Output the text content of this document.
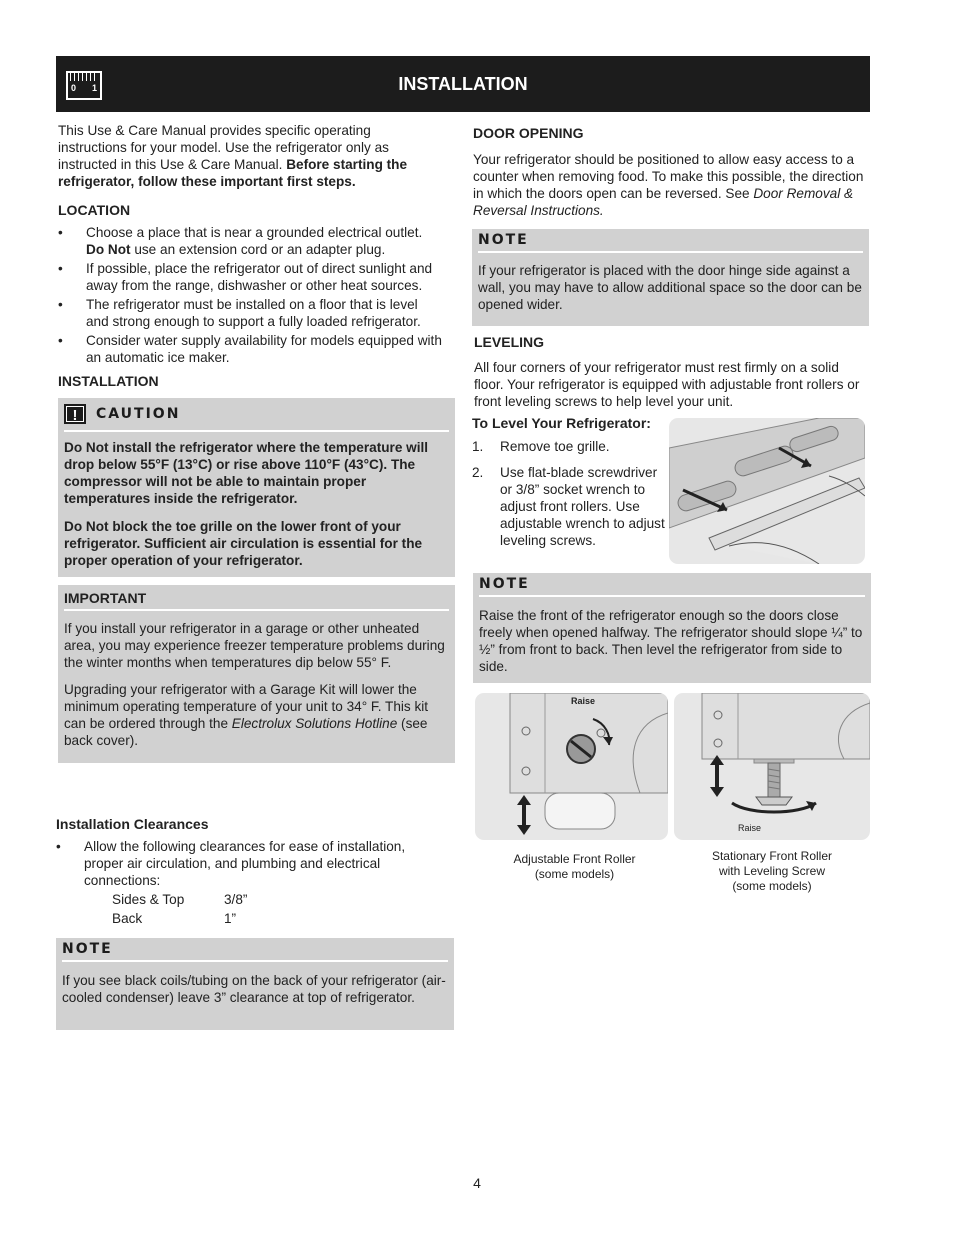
0 1	INSTALLATION

This Use & Care Manual provides specific operating instructions for your model. Use the refrigerator only as instructed in this Use & Care Manual. Before starting the refrigerator, follow these important first steps.

LOCATION
• Choose a place that is near a grounded electrical outlet. Do Not use an extension cord or an adapter plug.
• If possible, place the refrigerator out of direct sunlight and away from the range, dishwasher or other heat sources.
• The refrigerator must be installed on a floor that is level and strong enough to support a fully loaded refrigerator.
• Consider water supply availability for models equipped with an automatic ice maker.
INSTALLATION
!	CAUTION

Do Not install the refrigerator where the temperature will drop below 55°F (13°C) or rise above 110°F (43°C). The compressor will not be able to maintain proper temperatures inside the refrigerator.

Do Not block the toe grille on the lower front of your refrigerator. Sufficient air circulation is essential for the proper operation of your refrigerator.

IMPORTANT

If you install your refrigerator in a garage or other unheated area, you may experience freezer temperature problems during the winter months when temperatures dip below 55° F.

Upgrading your refrigerator with a Garage Kit will lower the minimum operating temperature of your unit to 34° F. This kit can be ordered through the Electrolux Solutions Hotline (see back cover).

Installation Clearances
• Allow the following clearances for ease of installation, proper air circulation, and plumbing and electrical connections:
Sides & Top	3/8”
Back	1”
NOTE

If you see black coils/tubing on the back of your refrigerator (air-cooled condenser) leave 3” clearance at top of refrigerator.

DOOR OPENING

Your refrigerator should be positioned to allow easy access to a counter when removing food. To make this possible, the direction in which the doors open can be reversed. See Door Removal & Reversal Instructions.

NOTE

If your refrigerator is placed with the door hinge side against a wall, you may have to allow additional space so the door can be opened wider.

LEVELING

All four corners of your refrigerator must rest firmly on a solid floor. Your refrigerator is equipped with adjustable front rollers or front leveling screws to help level your unit.

To Level Your Refrigerator:
1.	Remove toe grille.
2.	Use flat-blade screwdriver or 3/8” socket wrench to adjust front rollers. Use adjustable wrench to adjust leveling screws.
NOTE

Raise the front of the refrigerator enough so the doors close freely when opened halfway. The refrigerator should slope ¼” to ½” from front to back. Then level the refrigerator from side to side.

Raise
Adjustable Front Roller
(some models)
Raise
Stationary Front Roller
with Leveling Screw
(some models)
4
